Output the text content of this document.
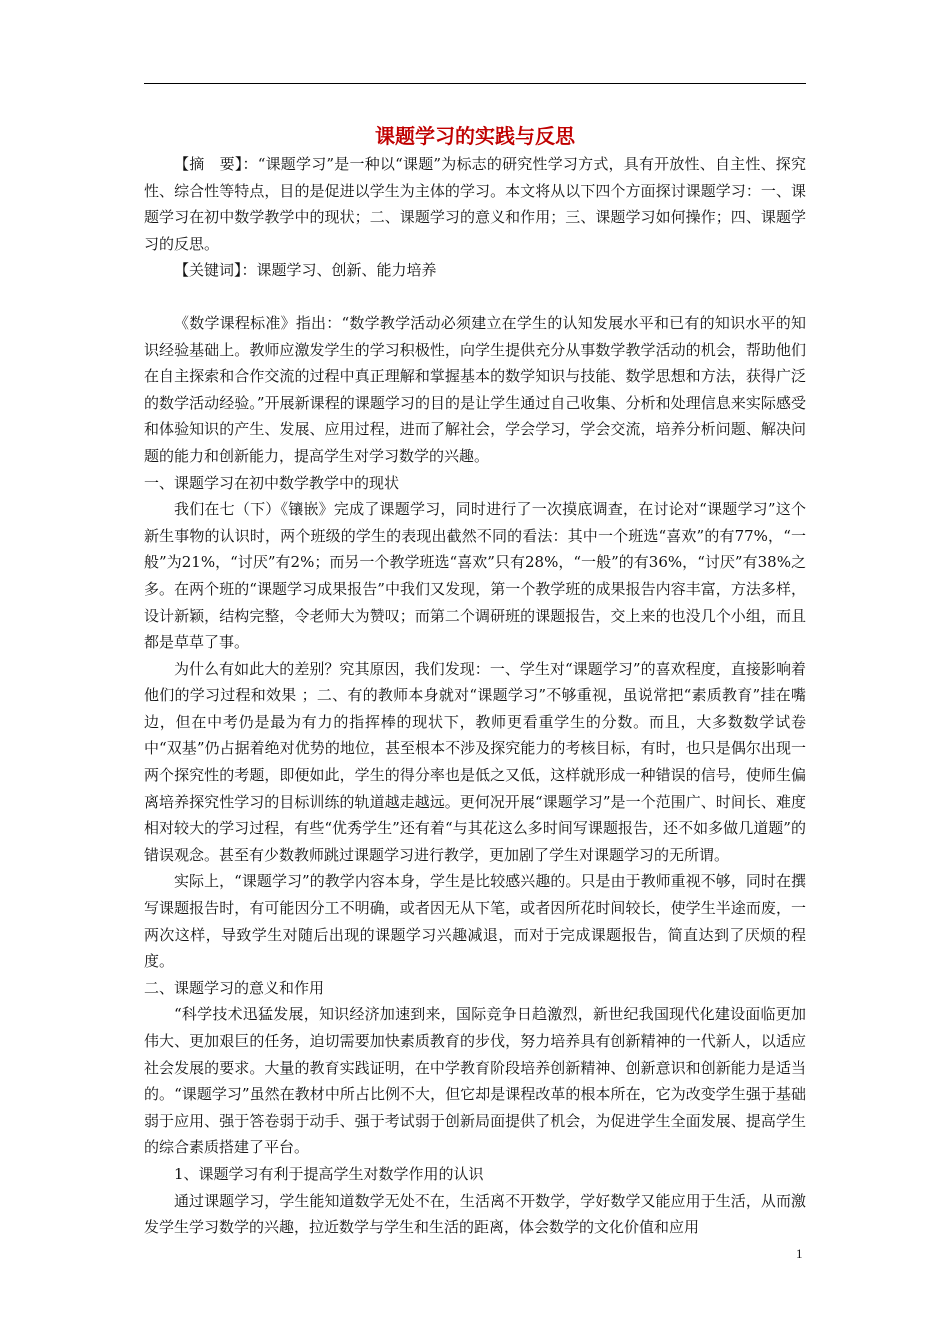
课题学习的实践与反思

【摘　要】：“课题学习”是一种以“课题”为标志的研究性学习方式，具有开放性、自主性、探究性、综合性等特点，目的是促进以学生为主体的学习。本文将从以下四个方面探讨课题学习：一、课题学习在初中数学教学中的现状；二、课题学习的意义和作用；三、课题学习如何操作；四、课题学习的反思。

【关键词】：课题学习、创新、能力培养

《数学课程标准》指出：“数学教学活动必须建立在学生的认知发展水平和已有的知识水平的知识经验基础上。教师应激发学生的学习积极性，向学生提供充分从事数学教学活动的机会，帮助他们在自主探索和合作交流的过程中真正理解和掌握基本的数学知识与技能、数学思想和方法，获得广泛的数学活动经验。”开展新课程的课题学习的目的是让学生通过自己收集、分析和处理信息来实际感受和体验知识的产生、发展、应用过程，进而了解社会，学会学习，学会交流，培养分析问题、解决问题的能力和创新能力，提高学生对学习数学的兴趣。

一、课题学习在初中数学教学中的现状

我们在七（下）《镶嵌》完成了课题学习，同时进行了一次摸底调查，在讨论对“课题学习”这个新生事物的认识时，两个班级的学生的表现出截然不同的看法：其中一个班选“喜欢”的有77%，“一般”为21%，“讨厌”有2%；而另一个教学班选“喜欢”只有28%，“一般”的有36%，“讨厌”有38%之多。在两个班的“课题学习成果报告”中我们又发现，第一个教学班的成果报告内容丰富，方法多样，设计新颖，结构完整，令老师大为赞叹；而第二个调研班的课题报告，交上来的也没几个小组，而且都是草草了事。

为什么有如此大的差别？究其原因，我们发现：一、学生对“课题学习”的喜欢程度，直接影响着他们的学习过程和效果 ；二、有的教师本身就对“课题学习”不够重视，虽说常把“素质教育”挂在嘴边，但在中考仍是最为有力的指挥棒的现状下，教师更看重学生的分数。而且，大多数数学试卷中“双基”仍占据着绝对优势的地位，甚至根本不涉及探究能力的考核目标，有时，也只是偶尔出现一两个探究性的考题，即便如此，学生的得分率也是低之又低，这样就形成一种错误的信号，使师生偏离培养探究性学习的目标训练的轨道越走越远。更何况开展“课题学习”是一个范围广、时间长、难度相对较大的学习过程，有些“优秀学生”还有着“与其花这么多时间写课题报告，还不如多做几道题”的错误观念。甚至有少数教师跳过课题学习进行教学，更加剧了学生对课题学习的无所谓。

实际上，“课题学习”的教学内容本身，学生是比较感兴趣的。只是由于教师重视不够，同时在撰写课题报告时，有可能因分工不明确，或者因无从下笔，或者因所花时间较长，使学生半途而废，一两次这样，导致学生对随后出现的课题学习兴趣减退，而对于完成课题报告，简直达到了厌烦的程度。

二、课题学习的意义和作用

“科学技术迅猛发展，知识经济加速到来，国际竞争日趋激烈，新世纪我国现代化建设面临更加伟大、更加艰巨的任务，迫切需要加快素质教育的步伐，努力培养具有创新精神的一代新人，以适应社会发展的要求。大量的教育实践证明，在中学教育阶段培养创新精神、创新意识和创新能力是适当的。“课题学习”虽然在教材中所占比例不大，但它却是课程改革的根本所在，它为改变学生强于基础弱于应用、强于答卷弱于动手、强于考试弱于创新局面提供了机会，为促进学生全面发展、提高学生的综合素质搭建了平台。

1、课题学习有利于提高学生对数学作用的认识

通过课题学习，学生能知道数学无处不在，生活离不开数学，学好数学又能应用于生活，从而激发学生学习数学的兴趣，拉近数学与学生和生活的距离，体会数学的文化价值和应用

1
